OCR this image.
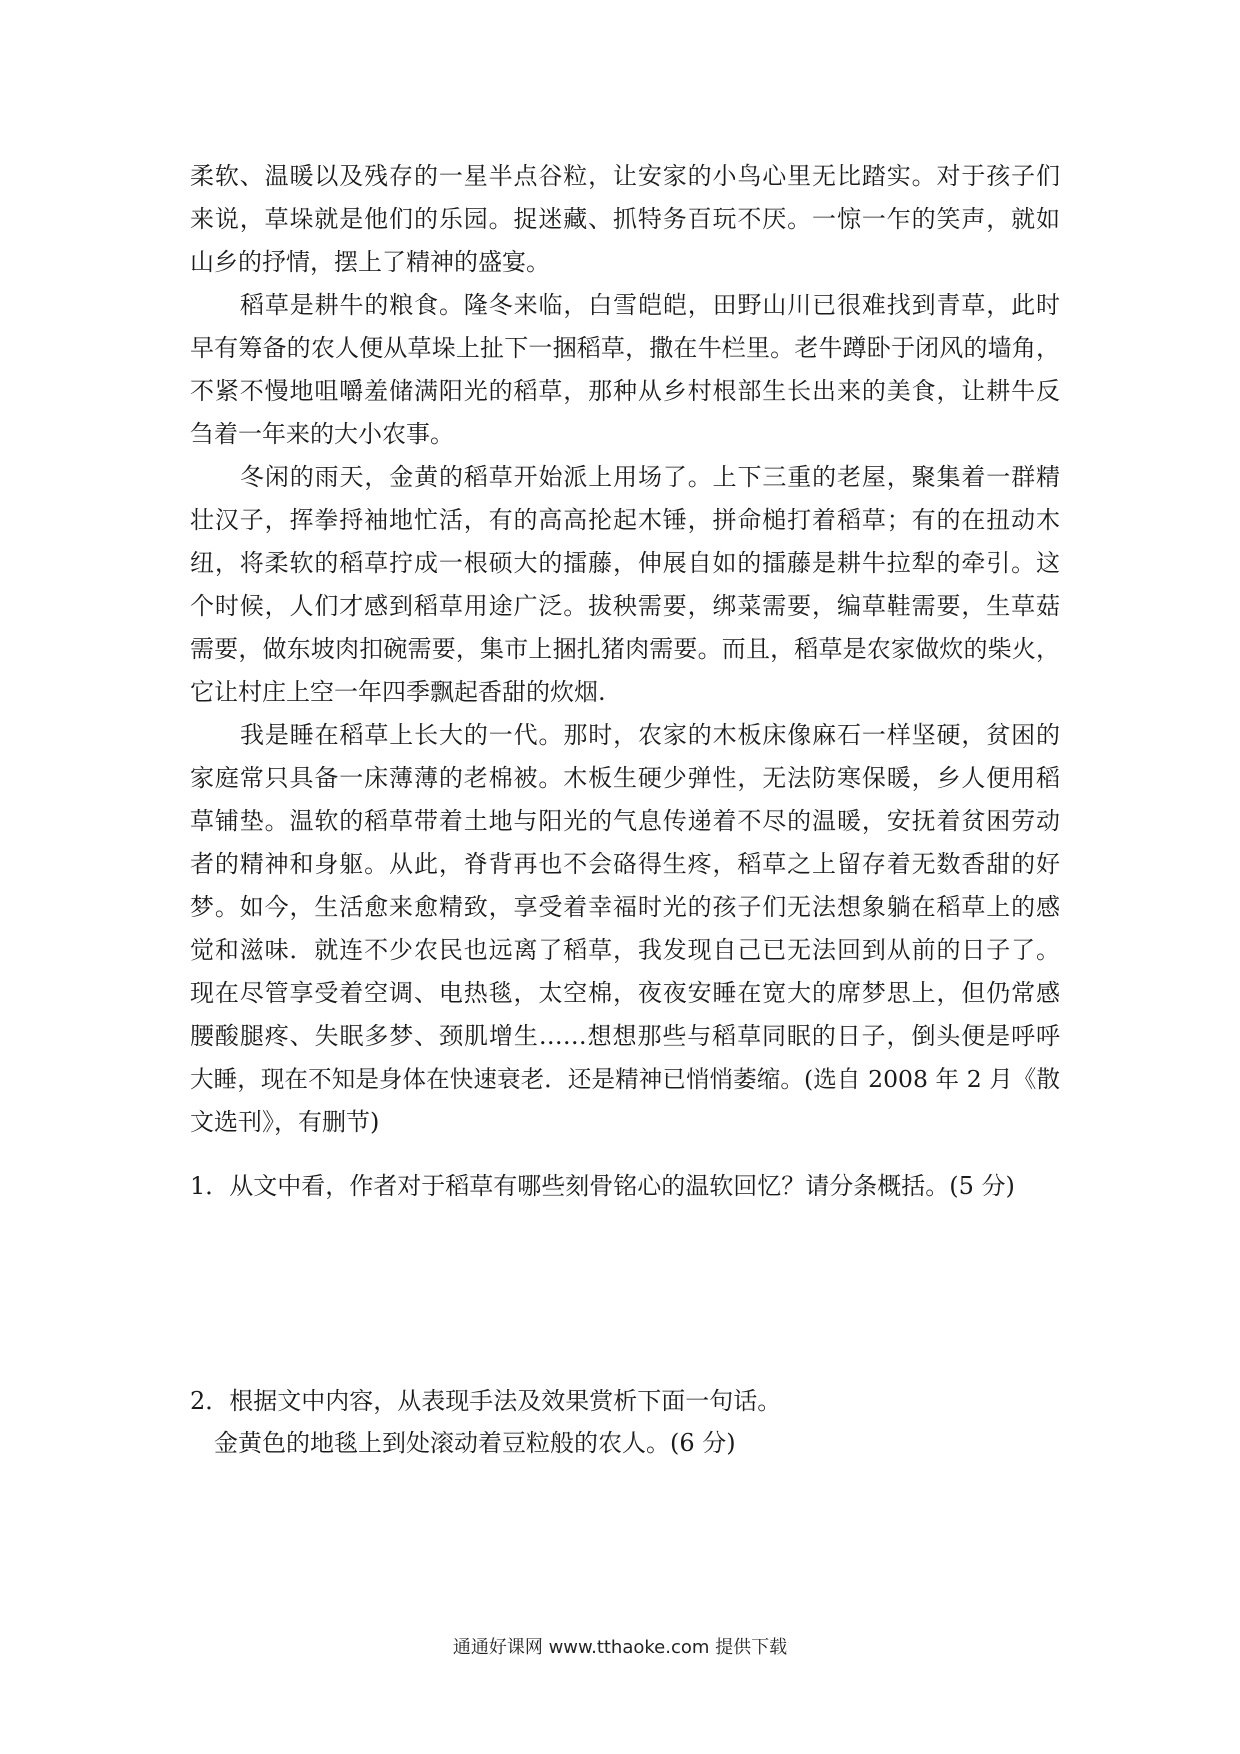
柔软、温暖以及残存的一星半点谷粒，让安家的小鸟心里无比踏实。对于孩子们
来说，草垛就是他们的乐园。捉迷藏、抓特务百玩不厌。一惊一乍的笑声，就如
山乡的抒情，摆上了精神的盛宴。
稻草是耕牛的粮食。隆冬来临，白雪皑皑，田野山川已很难找到青草，此时
早有筹备的农人便从草垛上扯下一捆稻草，撒在牛栏里。老牛蹲卧于闭风的墙角，
不紧不慢地咀嚼羞储满阳光的稻草，那种从乡村根部生长出来的美食，让耕牛反
刍着一年来的大小农事。
冬闲的雨天，金黄的稻草开始派上用场了。上下三重的老屋，聚集着一群精
壮汉子，挥拳捋袖地忙活，有的高高抡起木锤，拼命槌打着稻草；有的在扭动木
纽，将柔软的稻草拧成一根硕大的擂藤，伸展自如的擂藤是耕牛拉犁的牵引。这
个时候，人们才感到稻草用途广泛。拔秧需要，绑菜需要，编草鞋需要，生草菇
需要，做东坡肉扣碗需要，集市上捆扎猪肉需要。而且，稻草是农家做炊的柴火，
它让村庄上空一年四季飘起香甜的炊烟.
我是睡在稻草上长大的一代。那时，农家的木板床像麻石一样坚硬，贫困的
家庭常只具备一床薄薄的老棉被。木板生硬少弹性，无法防寒保暖，乡人便用稻
草铺垫。温软的稻草带着土地与阳光的气息传递着不尽的温暖，安抚着贫困劳动
者的精神和身躯。从此，脊背再也不会硌得生疼，稻草之上留存着无数香甜的好
梦。如今，生活愈来愈精致，享受着幸福时光的孩子们无法想象躺在稻草上的感
觉和滋味．就连不少农民也远离了稻草，我发现自己已无法回到从前的日子了。
现在尽管享受着空调、电热毯，太空棉，夜夜安睡在宽大的席梦思上，但仍常感
腰酸腿疼、失眠多梦、颈肌增生……想想那些与稻草同眠的日子，倒头便是呼呼
大睡，现在不知是身体在快速衰老．还是精神已悄悄萎缩。(选自 2008 年 2 月《散
文选刊》，有删节)
1．从文中看，作者对于稻草有哪些刻骨铭心的温软回忆？请分条概括。(5 分)
2．根据文中内容，从表现手法及效果赏析下面一句话。
金黄色的地毯上到处滚动着豆粒般的农人。(6 分)
通通好课网 www.tthaoke.com 提供下载
